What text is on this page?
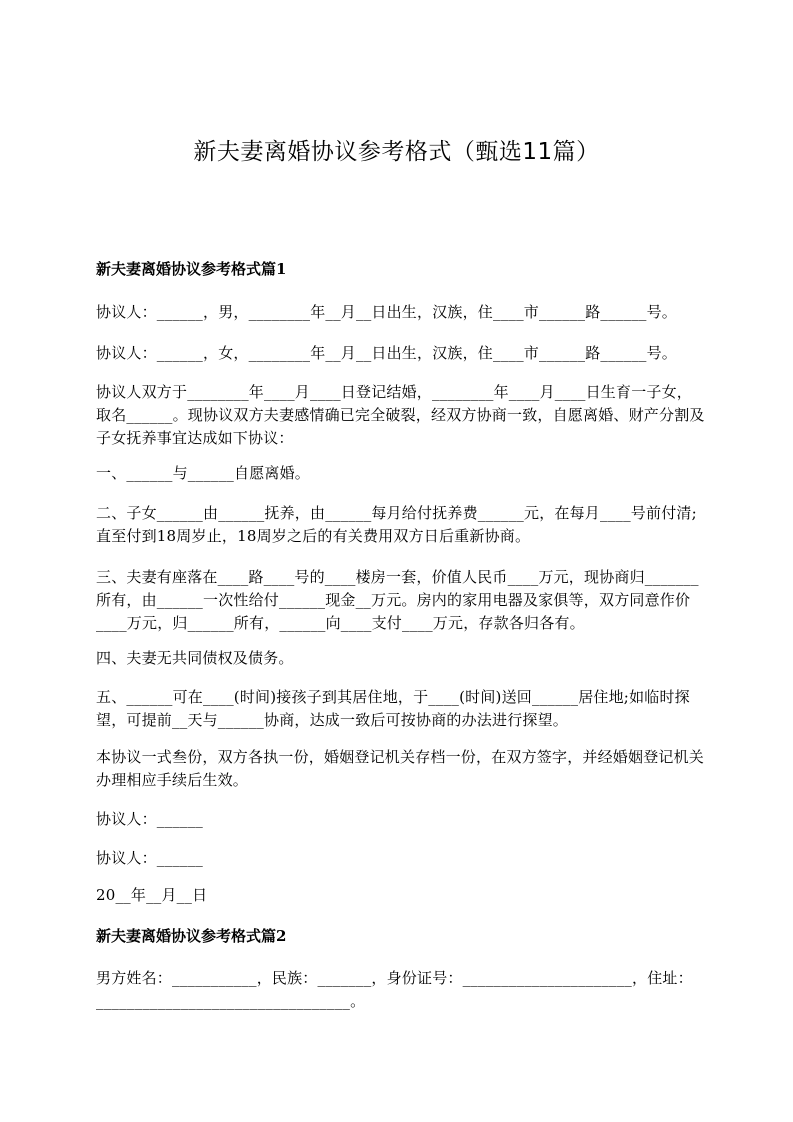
新夫妻离婚协议参考格式（甄选11篇）
新夫妻离婚协议参考格式篇1

协议人：______，男，________年__月__日出生，汉族，住____市______路______号。

协议人：______，女，________年__月__日出生，汉族，住____市______路______号。

协议人双方于________年____月____日登记结婚，________年____月____日生育一子女，取名______。现协议双方夫妻感情确已完全破裂，经双方协商一致，自愿离婚、财产分割及子女抚养事宜达成如下协议：

一、______与______自愿离婚。

二、子女______由______抚养，由______每月给付抚养费______元，在每月____号前付清;直至付到18周岁止，18周岁之后的有关费用双方日后重新协商。

三、夫妻有座落在____路____号的____楼房一套，价值人民币____万元，现协商归_______所有，由______一次性给付______现金__万元。房内的家用电器及家俱等，双方同意作价____万元，归______所有，______向____支付____万元，存款各归各有。

四、夫妻无共同债权及债务。

五、______可在____(时间)接孩子到其居住地，于____(时间)送回______居住地;如临时探望，可提前__天与______协商，达成一致后可按协商的办法进行探望。

本协议一式叁份，双方各执一份，婚姻登记机关存档一份，在双方签字，并经婚姻登记机关办理相应手续后生效。

协议人：______

协议人：______

20__年__月__日

新夫妻离婚协议参考格式篇2

男方姓名：___________，民族：_______，身份证号：______________________，住址：_________________________________。
